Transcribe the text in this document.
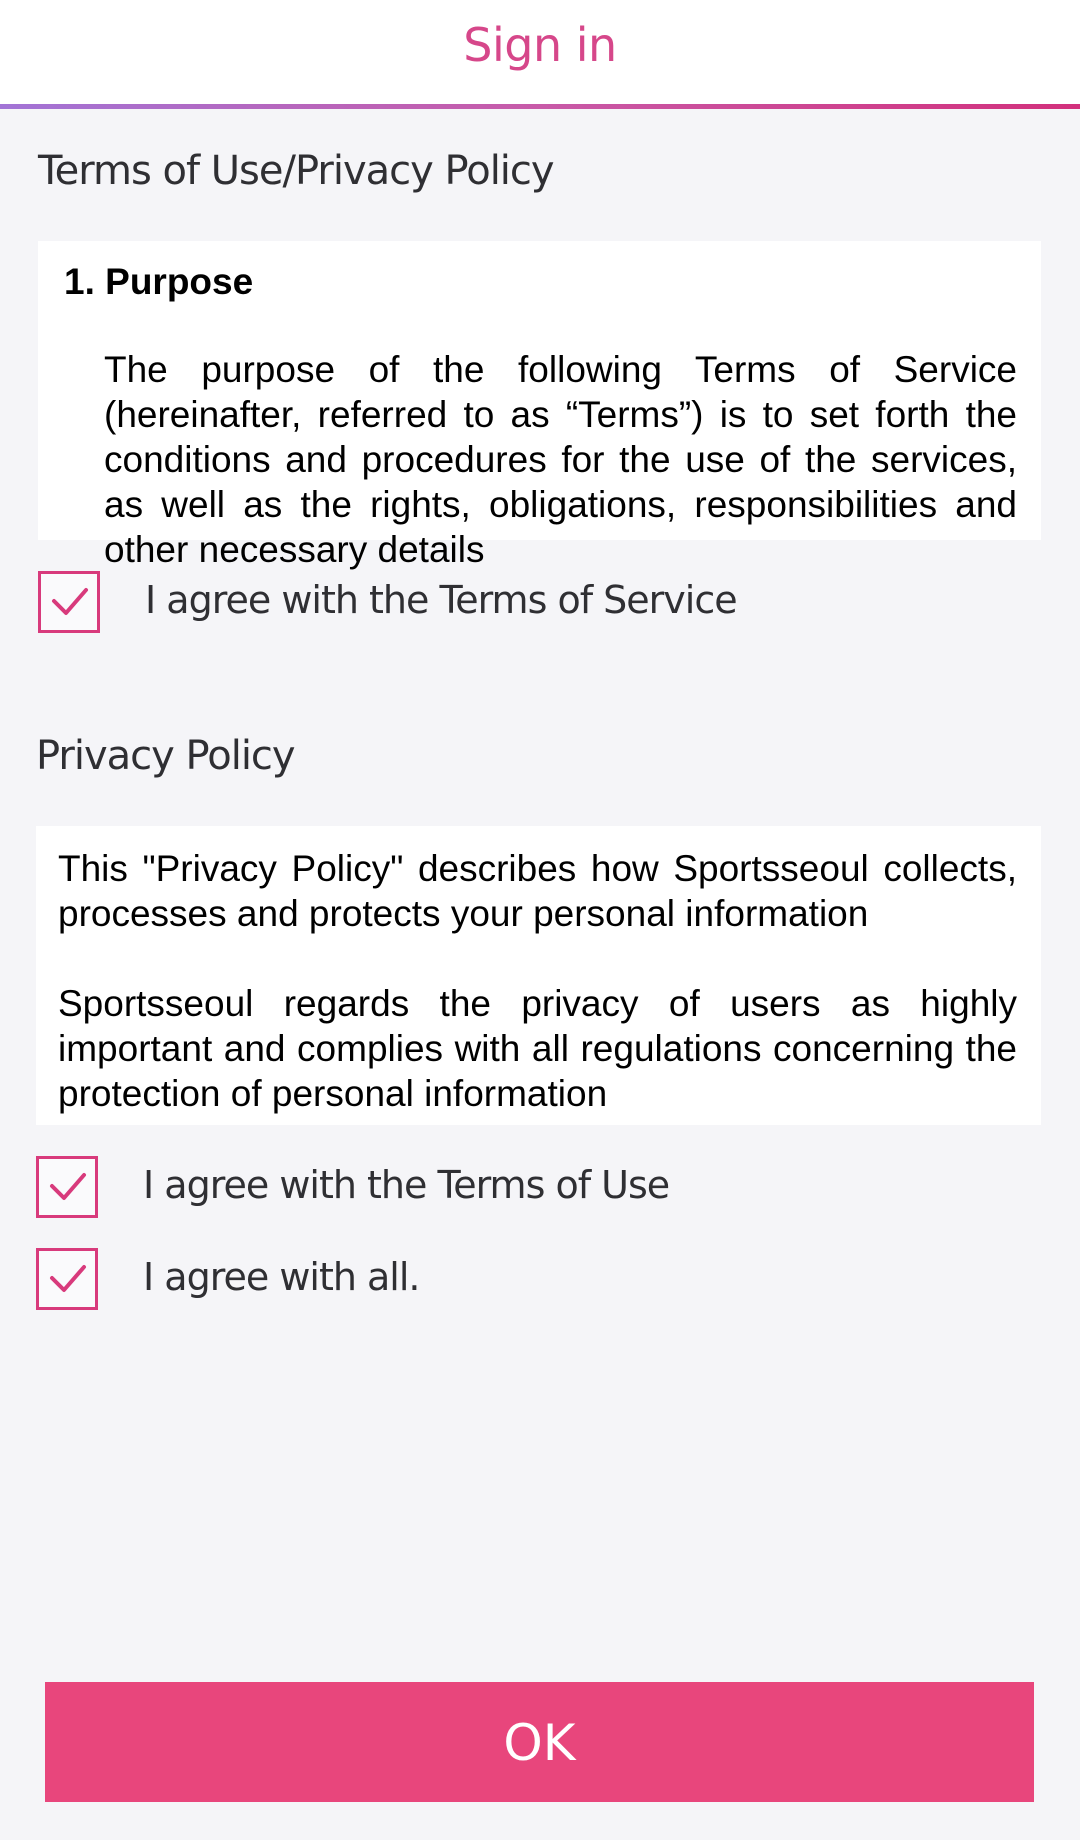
Sign in
Terms of Use/Privacy Policy
1. Purpose
The purpose of the following Terms of Service (hereinafter, referred to as “Terms”) is to set forth the conditions and procedures for the use of the services, as well as the rights, obligations, responsibilities and other necessary details
I agree with the Terms of Service
Privacy Policy

This "Privacy Policy" describes how Sportsseoul collects, processes and protects your personal information

Sportsseoul regards the privacy of users as highly important and complies with all regulations concerning the protection of personal information

I agree with the Terms of Use
I agree with all.
OK
